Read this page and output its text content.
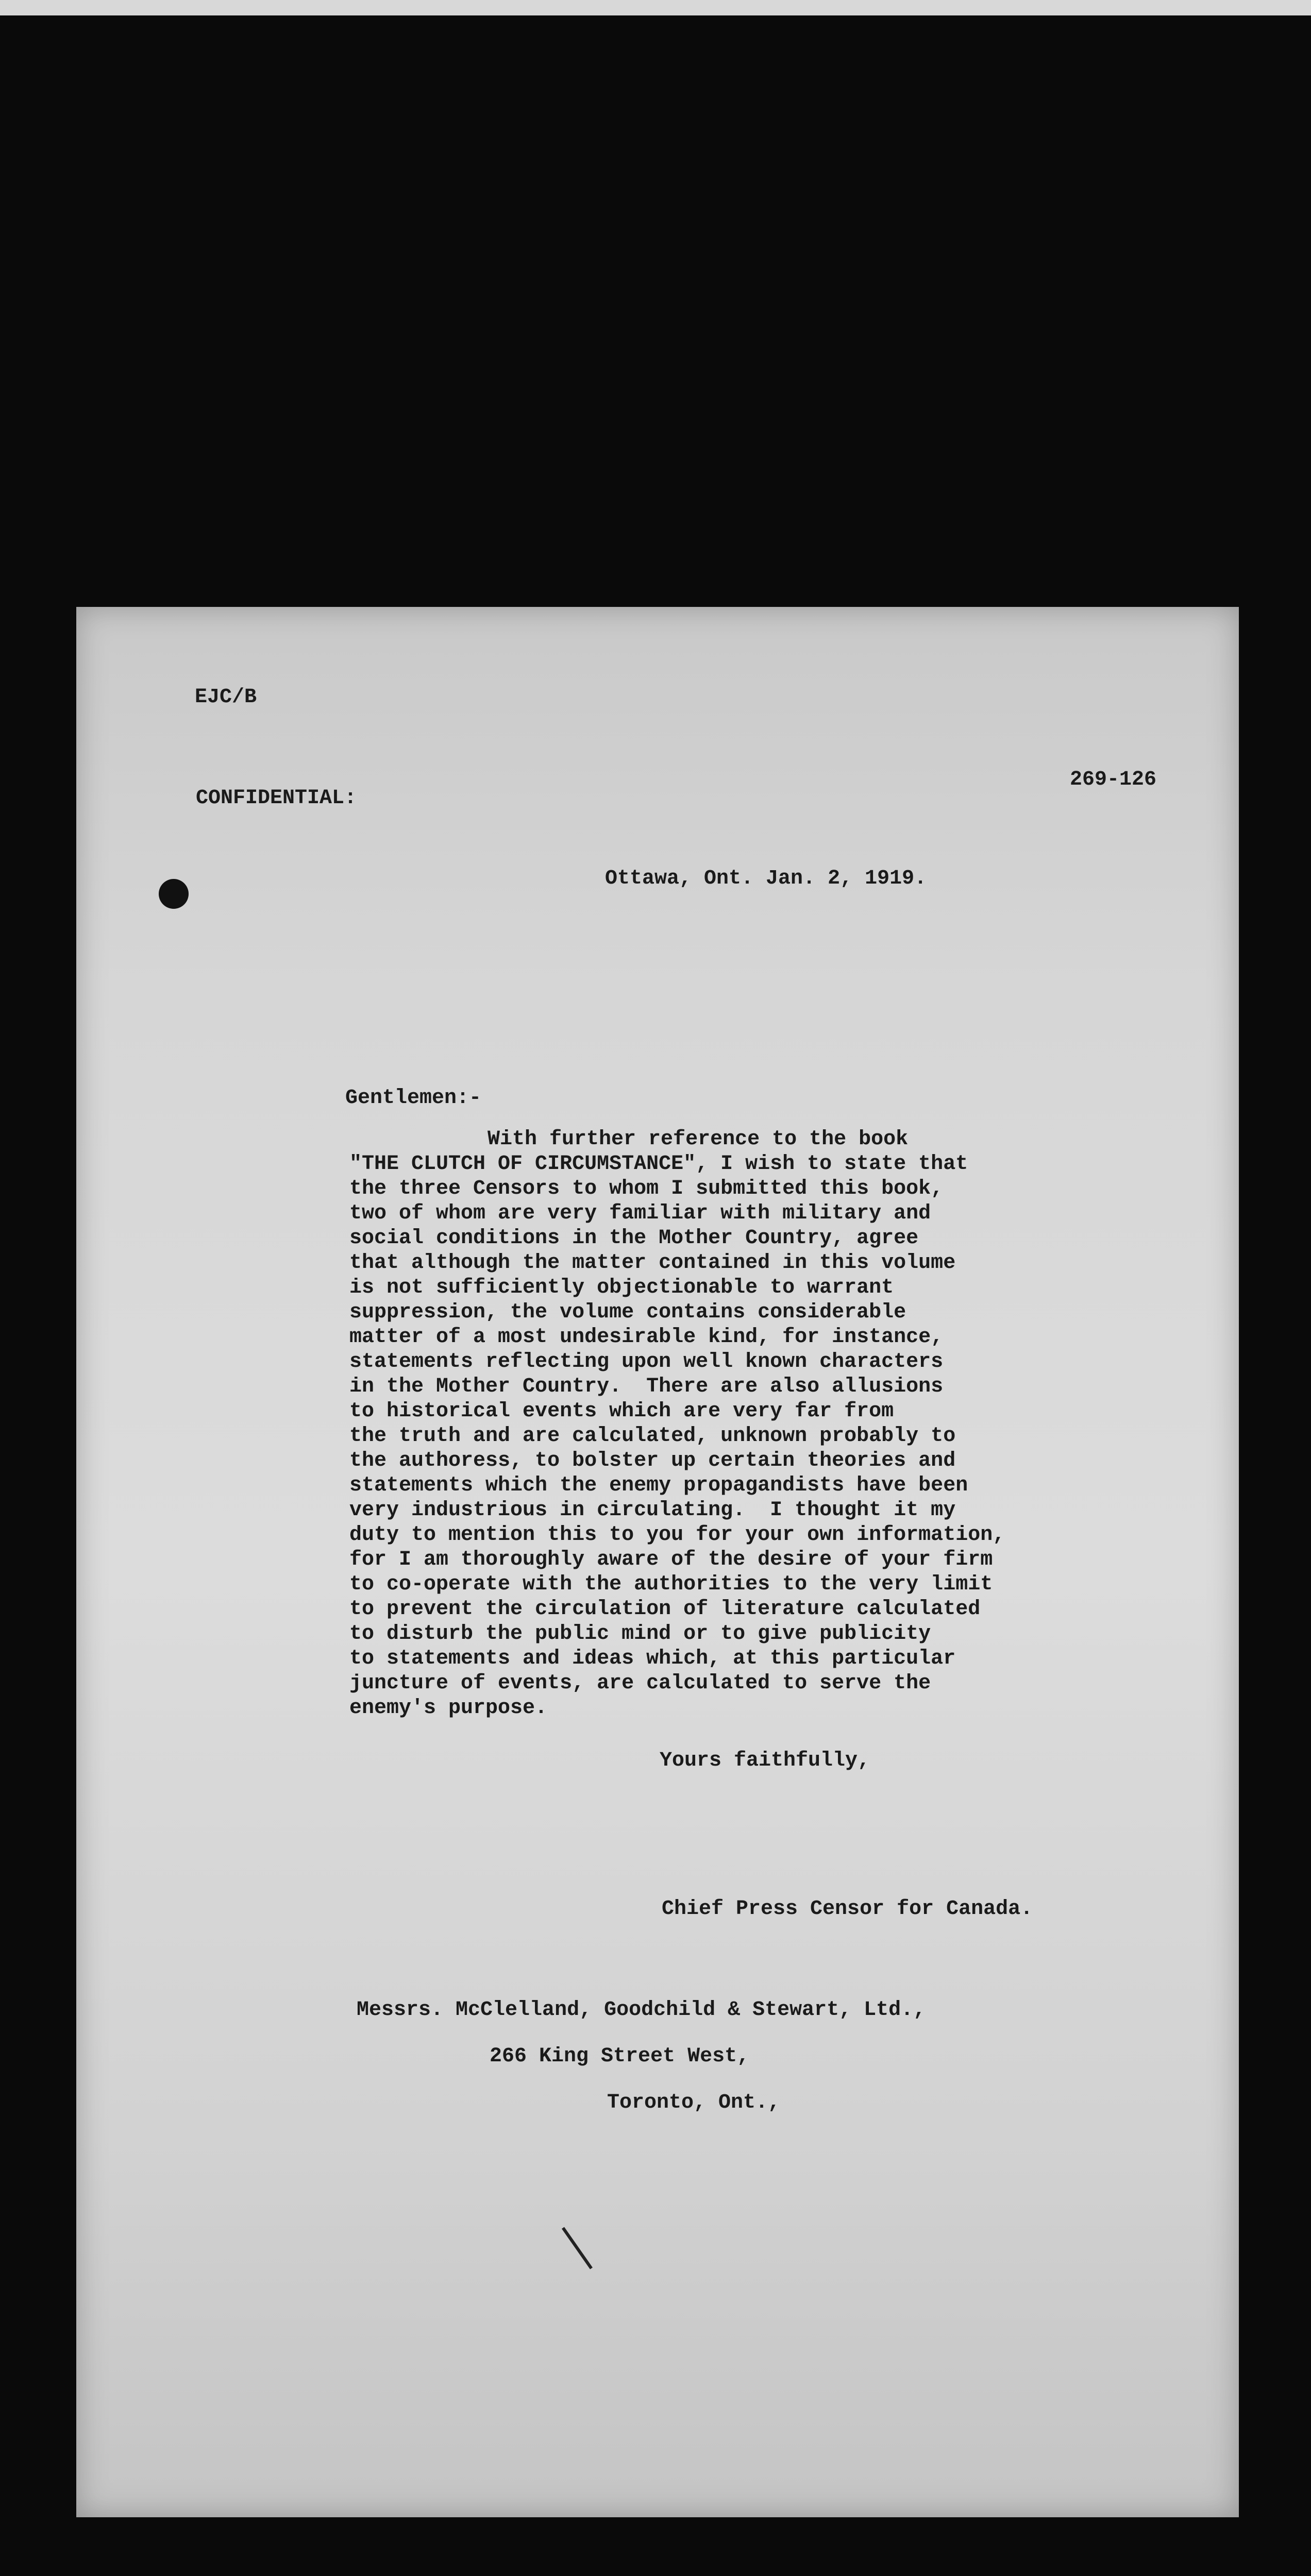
EJC/B
CONFIDENTIAL:
269-126
Ottawa, Ont. Jan. 2, 1919.
Gentlemen:-
With further reference to the book
"THE CLUTCH OF CIRCUMSTANCE", I wish to state that
the three Censors to whom I submitted this book,
two of whom are very familiar with military and
social conditions in the Mother Country, agree
that although the matter contained in this volume
is not sufficiently objectionable to warrant
suppression, the volume contains considerable
matter of a most undesirable kind, for instance,
statements reflecting upon well known characters
in the Mother Country.  There are also allusions
to historical events which are very far from
the truth and are calculated, unknown probably to
the authoress, to bolster up certain theories and
statements which the enemy propagandists have been
very industrious in circulating.  I thought it my
duty to mention this to you for your own information,
for I am thoroughly aware of the desire of your firm
to co-operate with the authorities to the very limit
to prevent the circulation of literature calculated
to disturb the public mind or to give publicity
to statements and ideas which, at this particular
juncture of events, are calculated to serve the
enemy's purpose.
Yours faithfully,
Chief Press Censor for Canada.
Messrs. McClelland, Goodchild & Stewart, Ltd.,
266 King Street West,
Toronto, Ont.,
